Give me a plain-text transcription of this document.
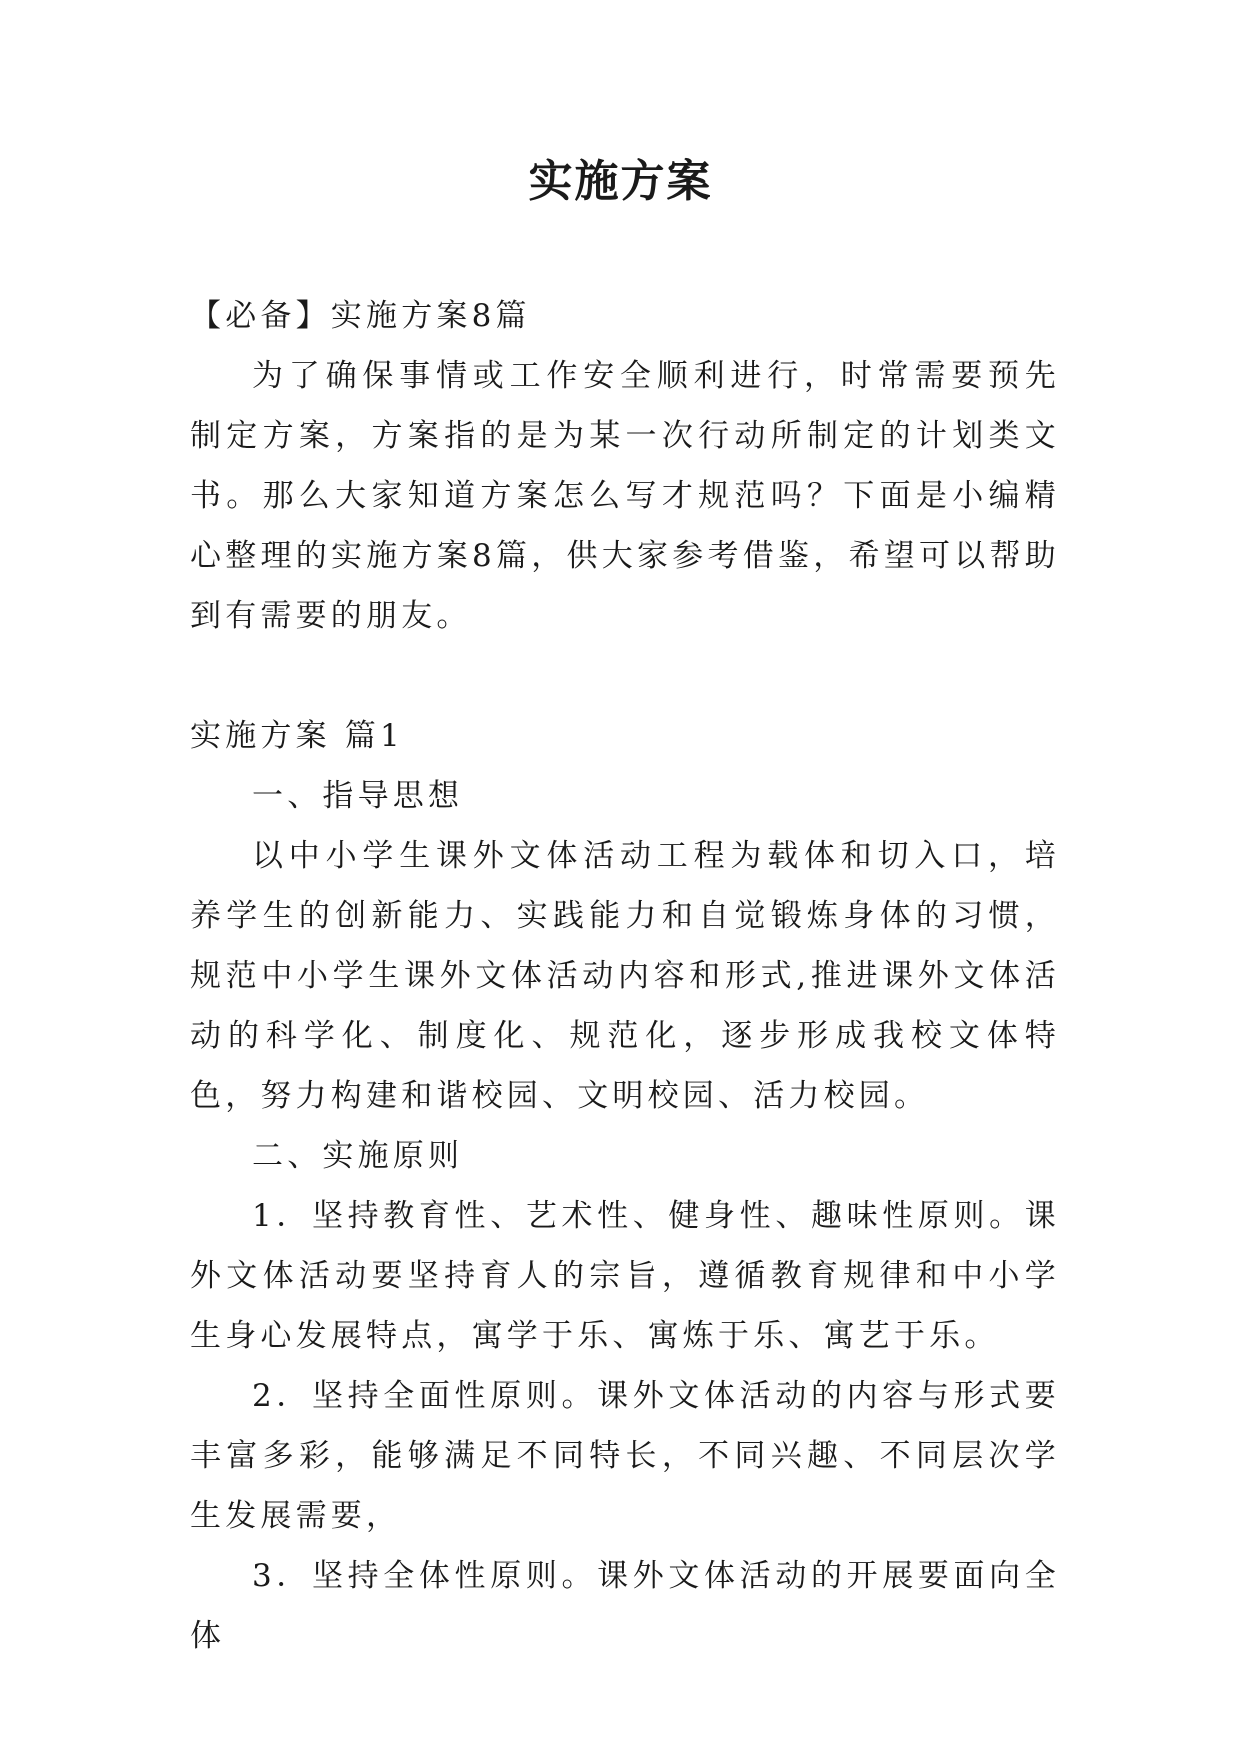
实施方案

【必备】实施方案8篇

为了确保事情或工作安全顺利进行，时常需要预先制定方案，方案指的是为某一次行动所制定的计划类文书。那么大家知道方案怎么写才规范吗？下面是小编精心整理的实施方案8篇，供大家参考借鉴，希望可以帮助到有需要的朋友。

实施方案 篇1

一、指导思想

以中小学生课外文体活动工程为载体和切入口，培养学生的创新能力、实践能力和自觉锻炼身体的习惯，规范中小学生课外文体活动内容和形式,推进课外文体活动的科学化、制度化、规范化，逐步形成我校文体特色，努力构建和谐校园、文明校园、活力校园。

二、实施原则

1．坚持教育性、艺术性、健身性、趣味性原则。课外文体活动要坚持育人的宗旨，遵循教育规律和中小学生身心发展特点，寓学于乐、寓炼于乐、寓艺于乐。

2．坚持全面性原则。课外文体活动的内容与形式要丰富多彩，能够满足不同特长，不同兴趣、不同层次学生发展需要，

3．坚持全体性原则。课外文体活动的开展要面向全体
